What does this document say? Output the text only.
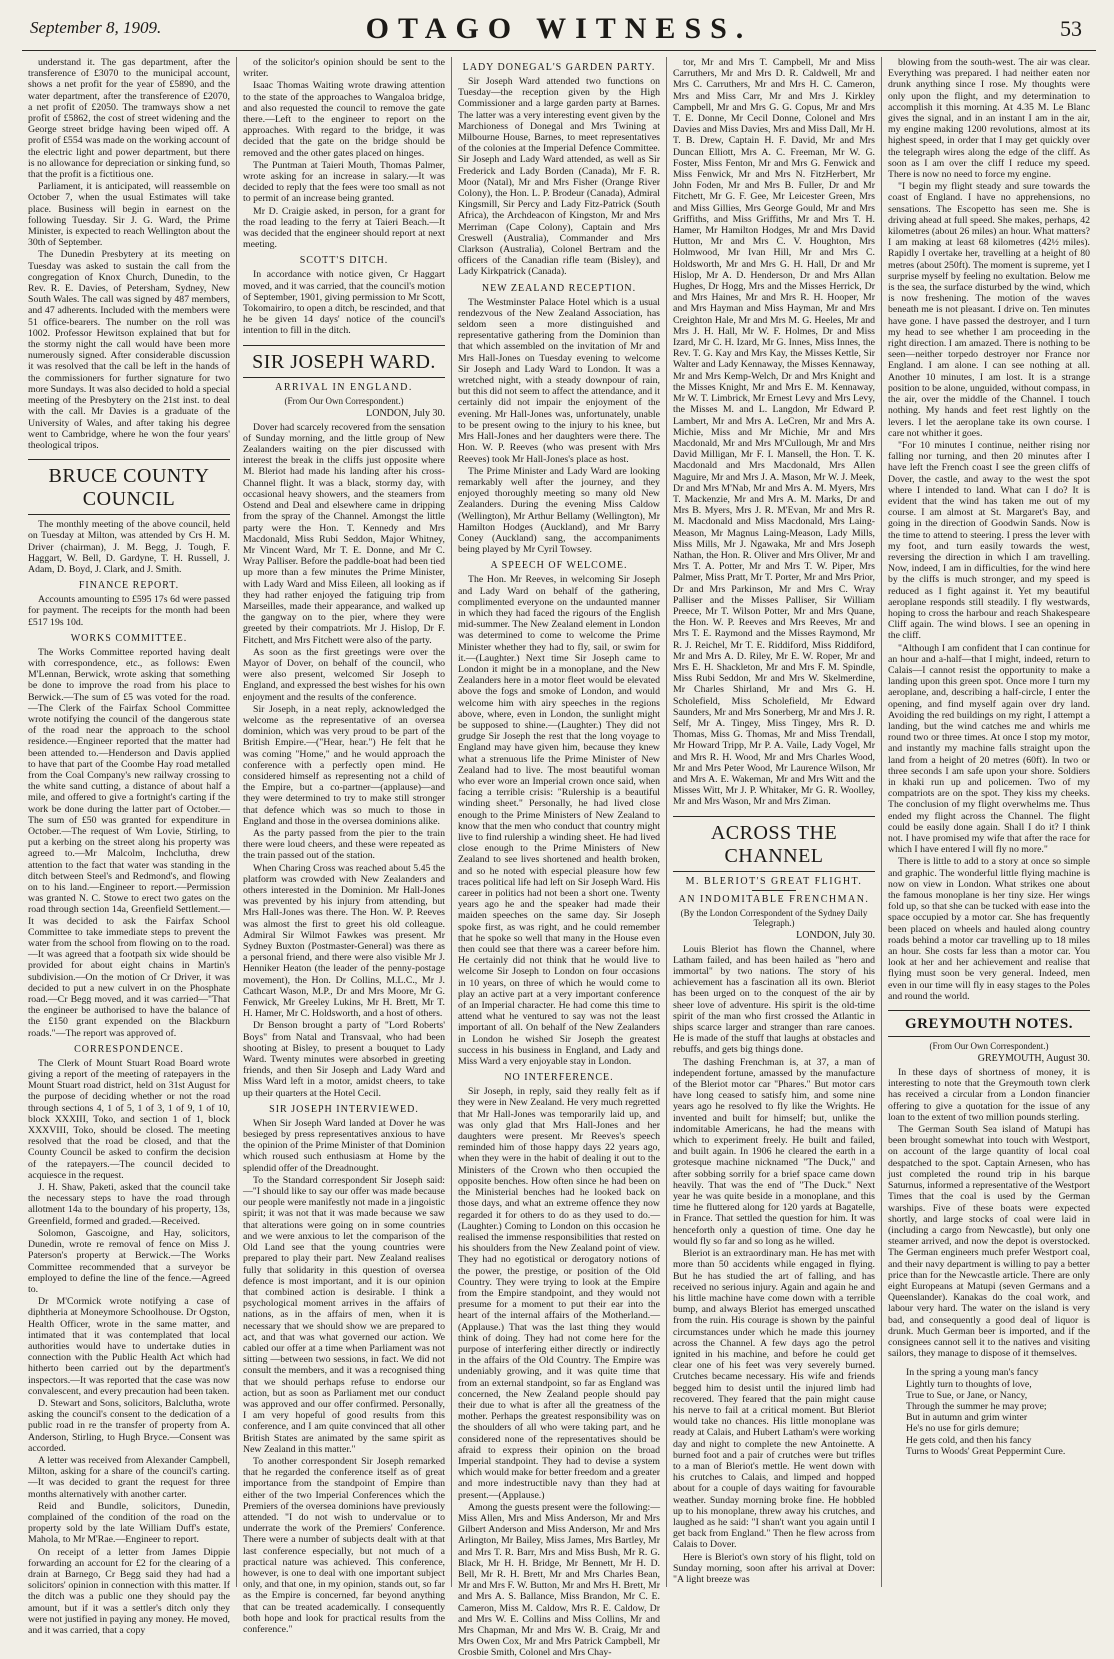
September 8, 1909.	OTAGO WITNESS.	53

understand it. The gas department, after the transference of £3070 to the municipal account, shows a net profit for the year of £5890, and the water department, after the transference of £2070, a net profit of £2050. The tramways show a net profit of £5862, the cost of street widening and the George street bridge having been wiped off. A profit of £554 was made on the working account of the electric light and power department, but there is no allowance for depreciation or sinking fund, so that the profit is a fictitious one.

Parliament, it is anticipated, will reassemble on October 7, when the usual Estimates will take place. Business will begin in earnest on the following Tuesday. Sir J. G. Ward, the Prime Minister, is expected to reach Wellington about the 30th of September.

The Dunedin Presbytery at its meeting on Tuesday was asked to sustain the call from the congregation of Knox Church, Dunedin, to the Rev. R. E. Davies, of Petersham, Sydney, New South Wales. The call was signed by 487 members, and 47 adherents. Included with the members were 51 office-bearers. The number on the roll was 1002. Professor Hewitson explained that but for the stormy night the call would have been more numerously signed. After considerable discussion it was resolved that the call be left in the hands of the commissioners for further signature for two more Sundays. It was also decided to hold a special meeting of the Presbytery on the 21st inst. to deal with the call. Mr Davies is a graduate of the University of Wales, and after taking his degree went to Cambridge, where he won the four years' theological tripos.

BRUCE COUNTY COUNCIL

The monthly meeting of the above council, held on Tuesday at Milton, was attended by Crs H. M. Driver (chairman), J. M. Begg, J. Tough, F. Haggart, W. Bell, D. Gardyne, T. H. Russell, J. Adam, D. Boyd, J. Clark, and J. Smith.

FINANCE REPORT.

Accounts amounting to £595 17s 6d were passed for payment. The receipts for the month had been £517 19s 10d.

WORKS COMMITTEE.

The Works Committee reported having dealt with correspondence, etc., as follows: Ewen M'Lennan, Berwick, wrote asking that something be done to improve the road from his place to Berwick.—The sum of £5 was voted for the road.—The Clerk of the Fairfax School Committee wrote notifying the council of the dangerous state of the road near the approach to the school residence.—Engineer reported that the matter had been attended to.—Henderson and Davis applied to have that part of the Coombe Hay road metalled from the Coal Company's new railway crossing to the white sand cutting, a distance of about half a mile, and offered to give a fortnight's carting if the work be done during the latter part of October.—The sum of £50 was granted for expenditure in October.—The request of Wm Lovie, Stirling, to put a kerbing on the street along his property was agreed to.—Mr Malcolm, Inchclutha, drew attention to the fact that water was standing in the ditch between Steel's and Redmond's, and flowing on to his land.—Engineer to report.—Permission was granted N. C. Stowe to erect two gates on the road through section 14a, Greenfield Settlement.—It was decided to ask the Fairfax School Committee to take immediate steps to prevent the water from the school from flowing on to the road.—It was agreed that a footpath six wide should be provided for about eight chains in Martin's subdivision.—On the motion of Cr Driver, it was decided to put a new culvert in on the Phosphate road.—Cr Begg moved, and it was carried—"That the engineer be authorised to have the balance of the £150 grant expended on the Blackburn roads."—The report was approved of.

CORRESPONDENCE.

The Clerk of Mount Stuart Road Board wrote giving a report of the meeting of ratepayers in the Mount Stuart road district, held on 31st August for the purpose of deciding whether or not the road through sections 4, 1 of 5, 1 of 3, 1 of 9, 1 of 10, block XXXIII, Toko, and section 1 of 1, block XXXVIII, Toko, should be closed. The meeting resolved that the road be closed, and that the County Council be asked to confirm the decision of the ratepayers.—The council decided to acquiesce in the request.

J. H. Shaw, Paketi, asked that the council take the necessary steps to have the road through allotment 14a to the boundary of his property, 13s, Greenfield, formed and graded.—Received.

Solomon, Gascoigne, and Hay, solicitors, Dunedin, wrote re removal of fence on Miss J. Paterson's property at Berwick.—The Works Committee recommended that a surveyor be employed to define the line of the fence.—Agreed to.

Dr M'Cormick wrote notifying a case of diphtheria at Moneymore Schoolhouse. Dr Ogston, Health Officer, wrote in the same matter, and intimated that it was contemplated that local authorities would have to undertake duties in connection with the Public Health Act which had hitherto been carried out by the department's inspectors.—It was reported that the case was now convalescent, and every precaution had been taken.

D. Stewart and Sons, solicitors, Balclutha, wrote asking the council's consent to the dedication of a public road in re the transfer of property from A. Anderson, Stirling, to Hugh Bryce.—Consent was accorded.

A letter was received from Alexander Campbell, Milton, asking for a share of the council's carting.—It was decided to grant the request for three months alternatively with another carter.

Reid and Bundle, solicitors, Dunedin, complained of the condition of the road on the property sold by the late William Duff's estate, Mahola, to Mr M'Rae.—Engineer to report.

On receipt of a letter from James Dippie forwarding an account for £2 for the clearing of a drain at Barnego, Cr Begg said they had had a solicitors' opinion in connection with this matter. If the ditch was a public one they should pay the amount, but if it was a settler's ditch only they were not justified in paying any money. He moved, and it was carried, that a copy

of the solicitor's opinion should be sent to the writer.

Isaac Thomas Waiting wrote drawing attention to the state of the approaches to Wangaloa bridge, and also requested the council to remove the gate there.—Left to the engineer to report on the approaches. With regard to the bridge, it was decided that the gate on the bridge should be removed and the other gates placed on hinges.

The Puntman at Taieri Mouth, Thomas Palmer, wrote asking for an increase in salary.—It was decided to reply that the fees were too small as not to permit of an increase being granted.

Mr D. Craigie asked, in person, for a grant for the road leading to the ferry at Taieri Beach.—It was decided that the engineer should report at next meeting.

SCOTT'S DITCH.

In accordance with notice given, Cr Haggart moved, and it was carried, that the council's motion of September, 1901, giving permission to Mr Scott, Tokomairiro, to open a ditch, be rescinded, and that he be given 14 days' notice of the council's intention to fill in the ditch.

SIR JOSEPH WARD.
ARRIVAL IN ENGLAND.
(From Our Own Correspondent.)
LONDON, July 30.

Dover had scarcely recovered from the sensation of Sunday morning, and the little group of New Zealanders waiting on the pier discussed with interest the break in the cliffs just opposite where M. Bleriot had made his landing after his cross-Channel flight. It was a black, stormy day, with occasional heavy showers, and the steamers from Ostend and Deal and elsewhere came in dripping from the spray of the Channel. Amongst the little party were the Hon. T. Kennedy and Mrs Macdonald, Miss Rubi Seddon, Major Whitney, Mr Vincent Ward, Mr T. E. Donne, and Mr C. Wray Palliser. Before the paddle-boat had been tied up more than a few minutes the Prime Minister, with Lady Ward and Miss Eileen, all looking as if they had rather enjoyed the fatiguing trip from Marseilles, made their appearance, and walked up the gangway on to the pier, where they were greeted by their compatriots. Mr J. Hislop, Dr F. Fitchett, and Mrs Fitchett were also of the party.

As soon as the first greetings were over the Mayor of Dover, on behalf of the council, who were also present, welcomed Sir Joseph to England, and expressed the best wishes for his own enjoyment and the results of the conference.

Sir Joseph, in a neat reply, acknowledged the welcome as the representative of an oversea dominion, which was very proud to be part of the British Empire.—("Hear, hear.") He felt that he was coming "Home," and he would approach the conference with a perfectly open mind. He considered himself as representing not a child of the Empire, but a co-partner—(applause)—and they were determined to try to make still stronger that defence which was so much to those in England and those in the oversea dominions alike.

As the party passed from the pier to the train there were loud cheers, and these were repeated as the train passed out of the station.

When Charing Cross was reached about 5.45 the platform was crowded with New Zealanders and others interested in the Dominion. Mr Hall-Jones was prevented by his injury from attending, but Mrs Hall-Jones was there. The Hon. W. P. Reeves was almost the first to greet his old colleague. Admiral Sir Wilmot Fawkes was present. Mr Sydney Buxton (Postmaster-General) was there as a personal friend, and there were also visible Mr J. Henniker Heaton (the leader of the penny-postage movement), the Hon. Dr Collins, M.L.C., Mr J. Cathcart Wason, M.P., Dr and Mrs Moore, Mr G. Fenwick, Mr Greeley Lukins, Mr H. Brett, Mr T. H. Hamer, Mr C. Holdsworth, and a host of others.

Dr Benson brought a party of "Lord Roberts' Boys" from Natal and Transvaal, who had been shooting at Bisley, to present a bouquet to Lady Ward. Twenty minutes were absorbed in greeting friends, and then Sir Joseph and Lady Ward and Miss Ward left in a motor, amidst cheers, to take up their quarters at the Hotel Cecil.

SIR JOSEPH INTERVIEWED.

When Sir Joseph Ward landed at Dover he was besieged by press representatives anxious to have the opinion of the Prime Minister of that Dominion which roused such enthusiasm at Home by the splendid offer of the Dreadnought.

To the Standard correspondent Sir Joseph said:—"I should like to say our offer was made because our people were manifestly not made in a jingoistic spirit; it was not that it was made because we saw that alterations were going on in some countries and we were anxious to let the comparison of the Old Land see that the young countries were prepared to play their part. New Zealand realises fully that solidarity in this question of oversea defence is most important, and it is our opinion that combined action is desirable. I think a psychological moment arrives in the affairs of nations, as in the affairs of men, when it is necessary that we should show we are prepared to act, and that was what governed our action. We cabled our offer at a time when Parliament was not sitting —between two sessions, in fact. We did not consult the members, and it was a recognised thing that we should perhaps refuse to endorse our action, but as soon as Parliament met our conduct was approved and our offer confirmed. Personally, I am very hopeful of good results from this conference, and I am quite convinced that all other British States are animated by the same spirit as New Zealand in this matter."

To another correspondent Sir Joseph remarked that he regarded the conference itself as of great importance from the standpoint of Empire than either of the two Imperial Conferences which the Premiers of the oversea dominions have previously attended. "I do not wish to undervalue or to underrate the work of the Premiers' Conference. There were a number of subjects dealt with at that last conference especially, but not much of a practical nature was achieved. This conference, however, is one to deal with one important subject only, and that one, in my opinion, stands out, so far as the Empire is concerned, far beyond anything that can be treated academically. I consequently both hope and look for practical results from the conference."

LADY DONEGAL'S GARDEN PARTY.

Sir Joseph Ward attended two functions on Tuesday—the reception given by the High Commissioner and a large garden party at Barnes. The latter was a very interesting event given by the Marchioness of Donegal and Mrs Twining at Milbourne House, Barnes, to meet representatives of the colonies at the Imperial Defence Committee. Sir Joseph and Lady Ward attended, as well as Sir Frederick and Lady Borden (Canada), Mr F. R. Moor (Natal), Mr and Mrs Fisher (Orange River Colony), the Hon. L. P. Brodeur (Canada), Admiral Kingsmill, Sir Percy and Lady Fitz-Patrick (South Africa), the Archdeacon of Kingston, Mr and Mrs Merriman (Cape Colony), Captain and Mrs Creswell (Australia), Commander and Mrs Clarkson (Australia), Colonel Bertram and the officers of the Canadian rifle team (Bisley), and Lady Kirkpatrick (Canada).

NEW ZEALAND RECEPTION.

The Westminster Palace Hotel which is a usual rendezvous of the New Zealand Association, has seldom seen a more distinguished and representative gathering from the Dominion than that which assembled on the invitation of Mr and Mrs Hall-Jones on Tuesday evening to welcome Sir Joseph and Lady Ward to London. It was a wretched night, with a steady downpour of rain, but this did not seem to affect the attendance, and it certainly did not impair the enjoyment of the evening. Mr Hall-Jones was, unfortunately, unable to be present owing to the injury to his knee, but Mrs Hall-Jones and her daughters were there. The Hon. W. P. Reeves (who was present with Mrs Reeves) took Mr Hall-Jones's place as host.

The Prime Minister and Lady Ward are looking remarkably well after the journey, and they enjoyed thoroughly meeting so many old New Zealanders. During the evening Miss Caldow (Wellington), Mr Arthur Bellamy (Wellington), Mr Hamilton Hodges (Auckland), and Mr Barry Coney (Auckland) sang, the accompaniments being played by Mr Cyril Towsey.

A SPEECH OF WELCOME.

The Hon. Mr Reeves, in welcoming Sir Joseph and Lady Ward on behalf of the gathering, complimented everyone on the undaunted manner in which they had faced the rigours of the English mid-summer. The New Zealand element in London was determined to come to welcome the Prime Minister whether they had to fly, sail, or swim for it.—(Laughter.) Next time Sir Joseph came to London it might be in a monoplane, and the New Zealanders here in a motor fleet would be elevated above the fogs and smoke of London, and would welcome him with airy speeches in the regions above, where, even in London, the sunlight might be supposed to shine.—(Laughter.) They did not grudge Sir Joseph the rest that the long voyage to England may have given him, because they knew what a strenuous life the Prime Minister of New Zealand had to live. The most beautiful woman who ever wore an Imperial crown once said, when facing a terrible crisis: "Rulership is a beautiful winding sheet." Personally, he had lived close enough to the Prime Ministers of New Zealand to know that the men who conduct that country might live to find rulership a winding sheet. He had lived close enough to the Prime Ministers of New Zealand to see lives shortened and health broken, and so he noted with especial pleasure how few traces political life had left on Sir Joseph Ward. His career in politics had not been a short one. Twenty years ago he and the speaker had made their maiden speeches on the same day. Sir Joseph spoke first, as was right, and he could remember that he spoke so well that many in the House even then could see that there was a career before him. He certainly did not think that he would live to welcome Sir Joseph to London on four occasions in 10 years, on three of which he would come to play an active part at a very important conference of an Imperial character. He had come this time to attend what he ventured to say was not the least important of all. On behalf of the New Zealanders in London he wished Sir Joseph the greatest success in his business in England, and Lady and Miss Ward a very enjoyable stay in London.

NO INTERFERENCE.

Sir Joseph, in reply, said they really felt as if they were in New Zealand. He very much regretted that Mr Hall-Jones was temporarily laid up, and was only glad that Mrs Hall-Jones and her daughters were present. Mr Reeves's speech reminded him of those happy days 22 years ago, when they were in the habit of dealing it out to the Ministers of the Crown who then occupied the opposite benches. How often since he had been on the Ministerial benches had he looked back on those days, and what an extreme offence they now regarded it for others to do as they used to do.—(Laughter.) Coming to London on this occasion he realised the immense responsibilities that rested on his shoulders from the New Zealand point of view. They had no egotistical or derogatory notions of the power, the prestige, or position of the Old Country. They were trying to look at the Empire from the Empire standpoint, and they would not presume for a moment to put their ear into the heart of the internal affairs of the Motherland.—(Applause.) That was the last thing they would think of doing. They had not come here for the purpose of interfering either directly or indirectly in the affairs of the Old Country. The Empire was undeniably growing, and it was quite time that from an external standpoint, so far as England was concerned, the New Zealand people should pay their due to what is after all the greatness of the mother. Perhaps the greatest responsibility was on the shoulders of all who were taking part, and he considered none of the representatives should be afraid to express their opinion on the broad Imperial standpoint. They had to devise a system which would make for better freedom and a greater and more indestructible navy than they had at present.—(Applause.)

Among the guests present were the following:—Miss Allen, Mrs and Miss Anderson, Mr and Mrs Gilbert Anderson and Miss Anderson, Mr and Mrs Arlington, Mr Bailey, Miss James, Mrs Bartley, Mr and Mrs T. R. Barr, Mrs and Miss Bush, Mr R. G. Black, Mr H. H. Bridge, Mr Bennett, Mr H. D. Bell, Mr R. H. Brett, Mr and Mrs Charles Bean, Mr and Mrs F. W. Button, Mr and Mrs H. Brett, Mr and Mrs A. S. Ballance, Miss Brandon, Mr C. E. Cameron, Miss M. Caldow, Mrs R. E. Caldow, Dr and Mrs W. E. Collins and Miss Collins, Mr and Mrs Chapman, Mr and Mrs W. B. Craig, Mr and Mrs Owen Cox, Mr and Mrs Patrick Campbell, Mr Crosbie Smith, Colonel and Mrs Chay-

tor, Mr and Mrs T. Campbell, Mr and Miss Carruthers, Mr and Mrs D. R. Caldwell, Mr and Mrs C. Carruthers, Mr and Mrs H. C. Cameron, Mrs and Miss Carr, Mr and Mrs J. Kirkley Campbell, Mr and Mrs G. G. Copus, Mr and Mrs T. E. Donne, Mr Cecil Donne, Colonel and Mrs Davies and Miss Davies, Mrs and Miss Dall, Mr H. T. B. Drew, Captain H. F. David, Mr and Mrs Duncan Elliott, Mrs A. C. Freeman, Mr W. G. Foster, Miss Fenton, Mr and Mrs G. Fenwick and Miss Fenwick, Mr and Mrs N. FitzHerbert, Mr John Foden, Mr and Mrs B. Fuller, Dr and Mr Fitchett, Mr G. F. Gee, Mr Leicester Green, Mrs and Miss Gillies, Mrs George Gould, Mr and Mrs Griffiths, and Miss Griffiths, Mr and Mrs T. H. Hamer, Mr Hamilton Hodges, Mr and Mrs David Hutton, Mr and Mrs C. V. Houghton, Mrs Holmwood, Mr Ivan Hill, Mr and Mrs C. Holdsworth, Mr and Mrs G. H. Hall, Dr and Mr Hislop, Mr A. D. Henderson, Dr and Mrs Allan Hughes, Dr Hogg, Mrs and the Misses Herrick, Dr and Mrs Haines, Mr and Mrs R. H. Hooper, Mr and Mrs Hayman and Miss Hayman, Mr and Mrs Creighton Hale, Mr and Mrs M. G. Heeles, Mr and Mrs J. H. Hall, Mr W. F. Holmes, Dr and Miss Izard, Mr C. H. Izard, Mr G. Innes, Miss Innes, the Rev. T. G. Kay and Mrs Kay, the Misses Kettle, Sir Walter and Lady Kennaway, the Misses Kennaway, Mr and Mrs Kemp-Welch, Dr and Mrs Knight and the Misses Knight, Mr and Mrs E. M. Kennaway, Mr W. T. Limbrick, Mr Ernest Levy and Mrs Levy, the Misses M. and L. Langdon, Mr Edward P. Lambert, Mr and Mrs A. LeCren, Mr and Mrs A. Michie, Miss and Mr Michie, Mr and Mrs Macdonald, Mr and Mrs M'Cullough, Mr and Mrs David Milligan, Mr F. I. Mansell, the Hon. T. K. Macdonald and Mrs Macdonald, Mrs Allen Maguire, Mr and Mrs J. A. Mason, Mr W. J. Meek, Dr and Mrs M'Nab, Mr and Mrs A. M. Myers, Mrs T. Mackenzie, Mr and Mrs A. M. Marks, Dr and Mrs B. Myers, Mrs J. R. M'Evan, Mr and Mrs R. M. Macdonald and Miss Macdonald, Mrs Laing-Meason, Mr Magnus Laing-Meason, Lady Mills, Miss Mills, Mr J. Ngawaka, Mr and Mrs Joseph Nathan, the Hon. R. Oliver and Mrs Oliver, Mr and Mrs T. A. Potter, Mr and Mrs T. W. Piper, Mrs Palmer, Miss Pratt, Mr T. Porter, Mr and Mrs Prior, Dr and Mrs Parkinson, Mr and Mrs C. Wray Palliser and the Misses Palliser, Sir William Preece, Mr T. Wilson Potter, Mr and Mrs Quane, the Hon. W. P. Reeves and Mrs Reeves, Mr and Mrs T. E. Raymond and the Misses Raymond, Mr R. J. Reichel, Mr T. E. Riddiford, Miss Riddiford, Mr and Mrs A. D. Riley, Mr E. W. Roper, Mr and Mrs E. H. Shackleton, Mr and Mrs F. M. Spindle, Miss Rubi Seddon, Mr and Mrs W. Skelmerdine, Mr Charles Shirland, Mr and Mrs G. H. Scholefield, Miss Scholefield, Mr Edward Saunders, Mr and Mrs Sonerberg, Mr and Mrs J. R. Self, Mr A. Tingey, Miss Tingey, Mrs R. D. Thomas, Miss G. Thomas, Mr and Miss Trendall, Mr Howard Tripp, Mr P. A. Vaile, Lady Vogel, Mr and Mrs R. H. Wood, Mr and Mrs Charles Wood, Mr and Mrs Peter Wood, Mr Laurence Wilson, Mr and Mrs A. E. Wakeman, Mr and Mrs Witt and the Misses Witt, Mr J. P. Whitaker, Mr G. R. Woolley, Mr and Mrs Wason, Mr and Mrs Ziman.

ACROSS THE CHANNEL
M. BLERIOT'S GREAT FLIGHT.
AN INDOMITABLE FRENCHMAN.
(By the London Correspondent of the Sydney Daily Telegraph.)
LONDON, July 30.

Louis Bleriot has flown the Channel, where Latham failed, and has been hailed as "hero and immortal" by two nations. The story of his achievement has a fascination all its own. Bleriot has been urged on to the conquest of the air by sheer love of adventure. His spirit is the old-time spirit of the man who first crossed the Atlantic in ships scarce larger and stranger than rare canoes. He is made of the stuff that laughs at obstacles and rebuffs, and gets big things done.

The dashing Frenchman is, at 37, a man of independent fortune, amassed by the manufacture of the Bleriot motor car "Phares." But motor cars have long ceased to satisfy him, and some nine years ago he resolved to fly like the Wrights. He invented and built for himself; but, unlike the indomitable Americans, he had the means with which to experiment freely. He built and failed, and built again. In 1906 he cleared the earth in a grotesque machine nicknamed "The Duck," and after sobbing sorrily for a brief space came down heavily. That was the end of "The Duck." Next year he was quite beside in a monoplane, and this time he fluttered along for 120 yards at Bagatelle, in France. That settled the question for him. It was henceforth only a question of time. One day he would fly so far and so long as he willed.

Bleriot is an extraordinary man. He has met with more than 50 accidents while engaged in flying. But he has studied the art of falling, and has received no serious injury. Again and again he and his little machine have come down with a terrible bump, and always Bleriot has emerged unscathed from the ruin. His courage is shown by the painful circumstances under which he made this journey across the Channel. A few days ago the petrol ignited in his machine, and before he could get clear one of his feet was very severely burned. Crutches became necessary. His wife and friends begged him to desist until the injured limb had recovered. They feared that the pain might cause his nerve to fail at a critical moment. But Bleriot would take no chances. His little monoplane was ready at Calais, and Hubert Latham's were working day and night to complete the new Antoinette. A burned foot and a pair of crutches were but trifles to a man of Bleriot's mettle. He went down with his crutches to Calais, and limped and hopped about for a couple of days waiting for favourable weather. Sunday morning broke fine. He hobbled up to his monoplane, threw away his crutches, and laughed as he said: "I shan't want you again until I get back from England." Then he flew across from Calais to Dover.

Here is Bleriot's own story of his flight, told on Sunday morning, soon after his arrival at Dover: "A light breeze was

blowing from the south-west. The air was clear. Everything was prepared. I had neither eaten nor drunk anything since I rose. My thoughts were only upon the flight, and my determination to accomplish it this morning. At 4.35 M. Le Blanc gives the signal, and in an instant I am in the air, my engine making 1200 revolutions, almost at its highest speed, in order that I may get quickly over the telegraph wires along the edge of the cliff. As soon as I am over the cliff I reduce my speed. There is now no need to force my engine.

"I begin my flight steady and sure towards the coast of England. I have no apprehensions, no sensations. The Escopetto has seen me. She is driving ahead at full speed. She makes, perhaps, 42 kilometres (about 26 miles) an hour. What matters? I am making at least 68 kilometres (42½ miles). Rapidly I overtake her, travelling at a height of 80 metres (about 250ft). The moment is supreme, yet I surprise myself by feeling no exultation. Below me is the sea, the surface disturbed by the wind, which is now freshening. The motion of the waves beneath me is not pleasant. I drive on. Ten minutes have gone. I have passed the destroyer, and I turn my head to see whether I am proceeding in the right direction. I am amazed. There is nothing to be seen—neither torpedo destroyer nor France nor England. I am alone. I can see nothing at all. Another 10 minutes, I am lost. It is a strange position to be alone, unguided, without compass, in the air, over the middle of the Channel. I touch nothing. My hands and feet rest lightly on the levers. I let the aeroplane take its own course. I care not whither it goes.

"For 10 minutes I continue, neither rising nor falling nor turning, and then 20 minutes after I have left the French coast I see the green cliffs of Dover, the castle, and away to the west the spot where I intended to land. What can I do? It is evident that the wind has taken me out of my course. I am almost at St. Margaret's Bay, and going in the direction of Goodwin Sands. Now is the time to attend to steering. I press the lever with my foot, and turn easily towards the west, reversing the direction in which I am travelling. Now, indeed, I am in difficulties, for the wind here by the cliffs is much stronger, and my speed is reduced as I fight against it. Yet my beautiful aeroplane responds still steadily. I fly westwards, hoping to cross the harbour and reach Shakespeare Cliff again. The wind blows. I see an opening in the cliff.

"Although I am confident that I can continue for an hour and a-half—that I might, indeed, return to Calais—I cannot resist the opportunity to make a landing upon this green spot. Once more I turn my aeroplane, and, describing a half-circle, I enter the opening, and find myself again over dry land. Avoiding the red buildings on my right, I attempt a landing, but the wind catches me and whirls me round two or three times. At once I stop my motor, and instantly my machine falls straight upon the land from a height of 20 metres (60ft). In two or three seconds I am safe upon your shore. Soldiers in khaki run up and policemen. Two of my compatriots are on the spot. They kiss my cheeks. The conclusion of my flight overwhelms me. Thus ended my flight across the Channel. The flight could be easily done again. Shall I do it? I think not. I have promised my wife that after the race for which I have entered I will fly no more."

There is little to add to a story at once so simple and graphic. The wonderful little flying machine is now on view in London. What strikes one about the famous monoplane is her tiny size. Her wings fold up, so that she can be tucked with ease into the space occupied by a motor car. She has frequently been placed on wheels and hauled along country roads behind a motor car travelling up to 18 miles an hour. She costs far less than a motor car. You look at her and her achievement and realise that flying must soon be very general. Indeed, men even in our time will fly in easy stages to the Poles and round the world.

GREYMOUTH NOTES.
(From Our Own Correspondent.)
GREYMOUTH, August 30.

In these days of shortness of money, it is interesting to note that the Greymouth town clerk has received a circular from a London financier offering to give a quotation for the issue of any loan to the extent of two million pounds sterling.

The German South Sea island of Matupi has been brought somewhat into touch with Westport, on account of the large quantity of local coal despatched to the spot. Captain Arnesen, who has just completed the round trip in his barque Saturnus, informed a representative of the Westport Times that the coal is used by the German warships. Five of these boats were expected shortly, and large stocks of coal were laid in (including a cargo from Newcastle), but only one steamer arrived, and now the depot is overstocked. The German engineers much prefer Westport coal, and their navy department is willing to pay a better price than for the Newcastle article. There are only eight Europeans at Matupi (seven Germans and a Queenslander). Kanakas do the coal work, and labour very hard. The water on the island is very bad, and consequently a good deal of liquor is drunk. Much German beer is imported, and if the consignees cannot sell it to the natives and visiting sailors, they manage to dispose of it themselves.

In the spring a young man's fancy
Lightly turn to thoughts of love,
True to Sue, or Jane, or Nancy,
Through the summer he may prove;
But in autumn and grim winter
He's no use for girls demure;
He gets cold, and then his fancy
Turns to Woods' Great Peppermint Cure.
